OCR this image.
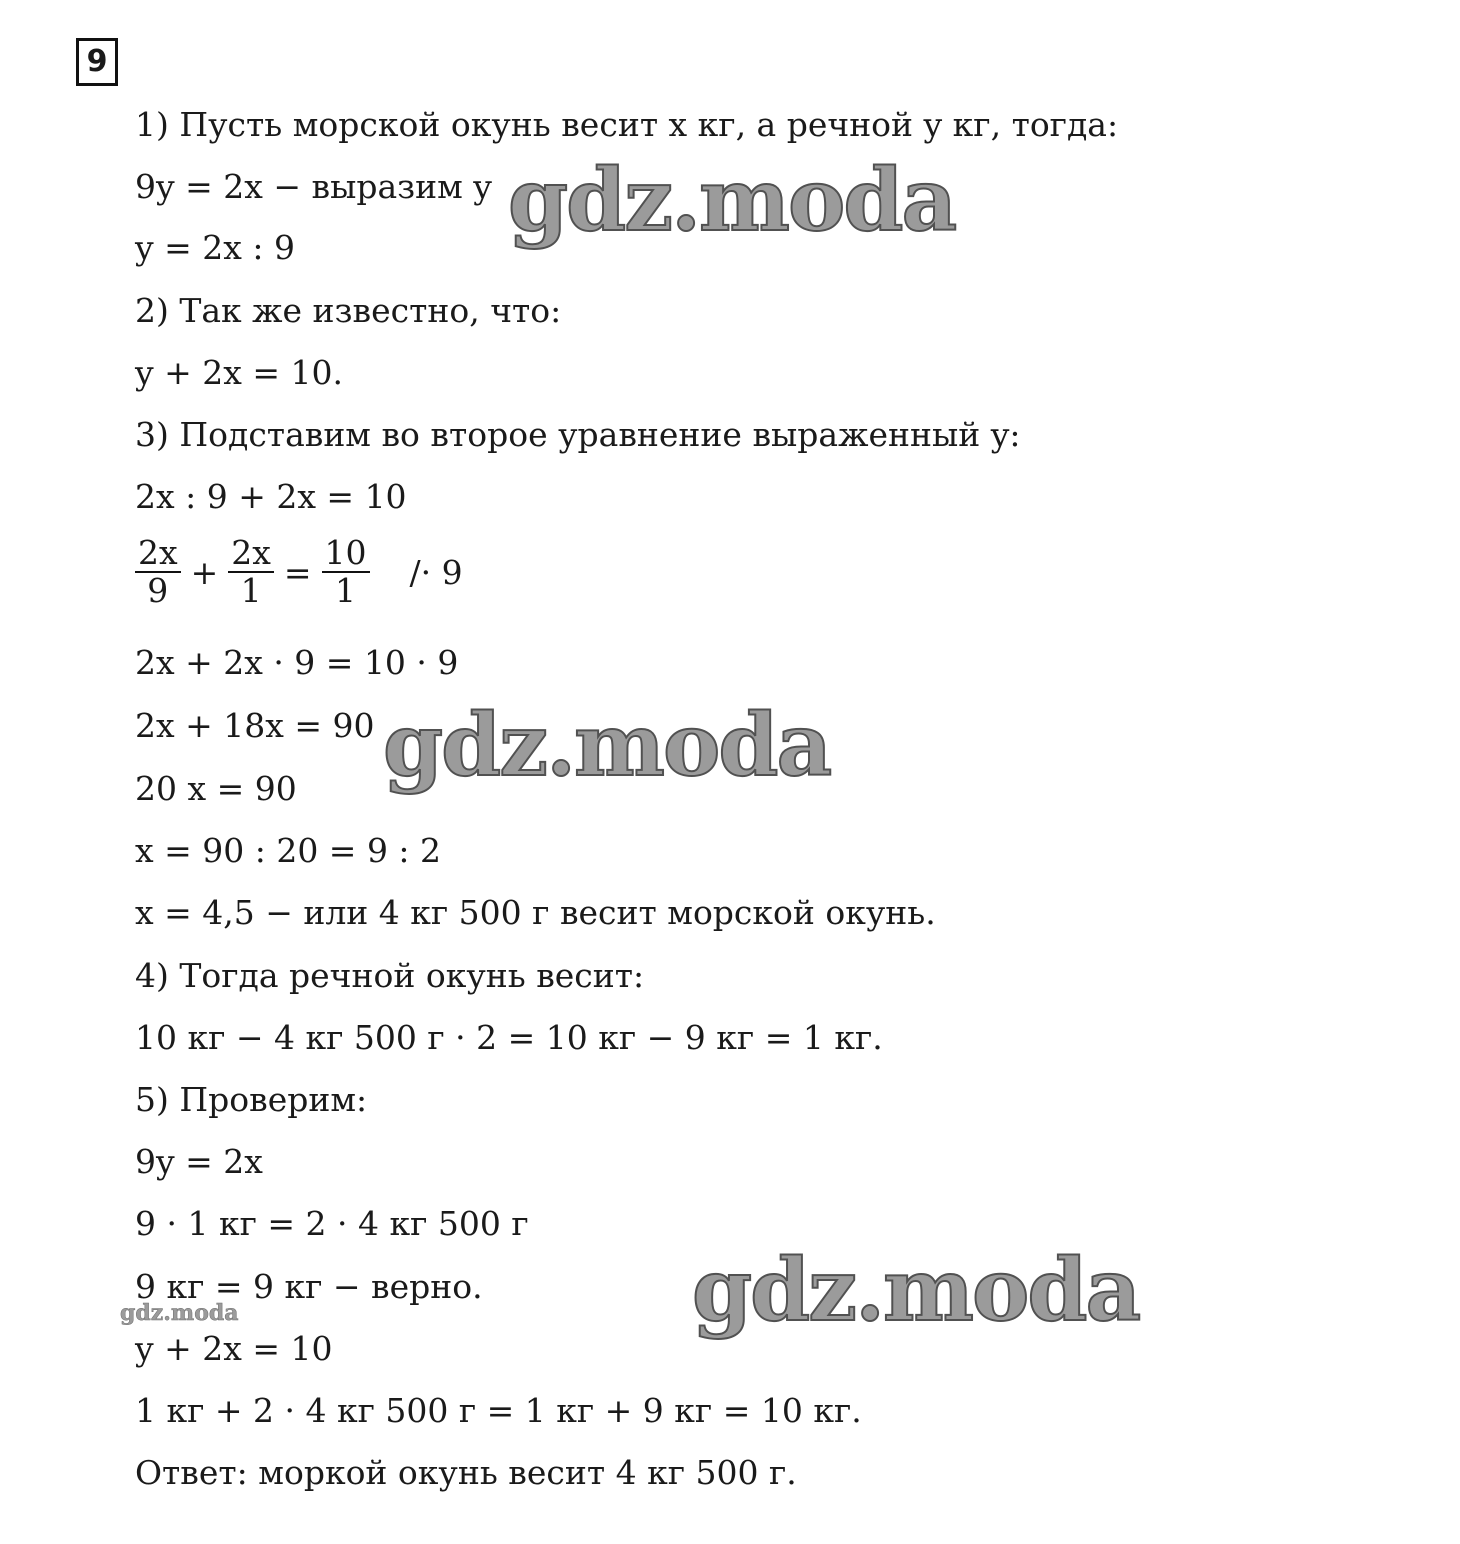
9
1) Пусть морской окунь весит x кг, а речной y кг, тогда:
9y = 2x − выразим y
y = 2x : 9
2) Так же известно, что:
y + 2x = 10.
3) Подставим во второе уравнение выраженный y:
2x : 9 + 2x = 10
$\frac{2x}{9} + \frac{2x}{1} = \frac{10}{1} /\cdot 9$
2x + 2x · 9 = 10 · 9
2x + 18x = 90
20 x = 90
x = 90 : 20 = 9 : 2
x = 4,5 − или 4 кг 500 г весит морской окунь.
4) Тогда речной окунь весит:
10 кг − 4 кг 500 г · 2 = 10 кг − 9 кг = 1 кг.
5) Проверим:
9y = 2x
9 · 1 кг = 2 · 4 кг 500 г
9 кг = 9 кг − верно.
y + 2x = 10
1 кг + 2 · 4 кг 500 г = 1 кг + 9 кг = 10 кг.
Ответ: моркой окунь весит 4 кг 500 г.
gdz.moda
gdz.moda
gdz.moda
gdz.moda
